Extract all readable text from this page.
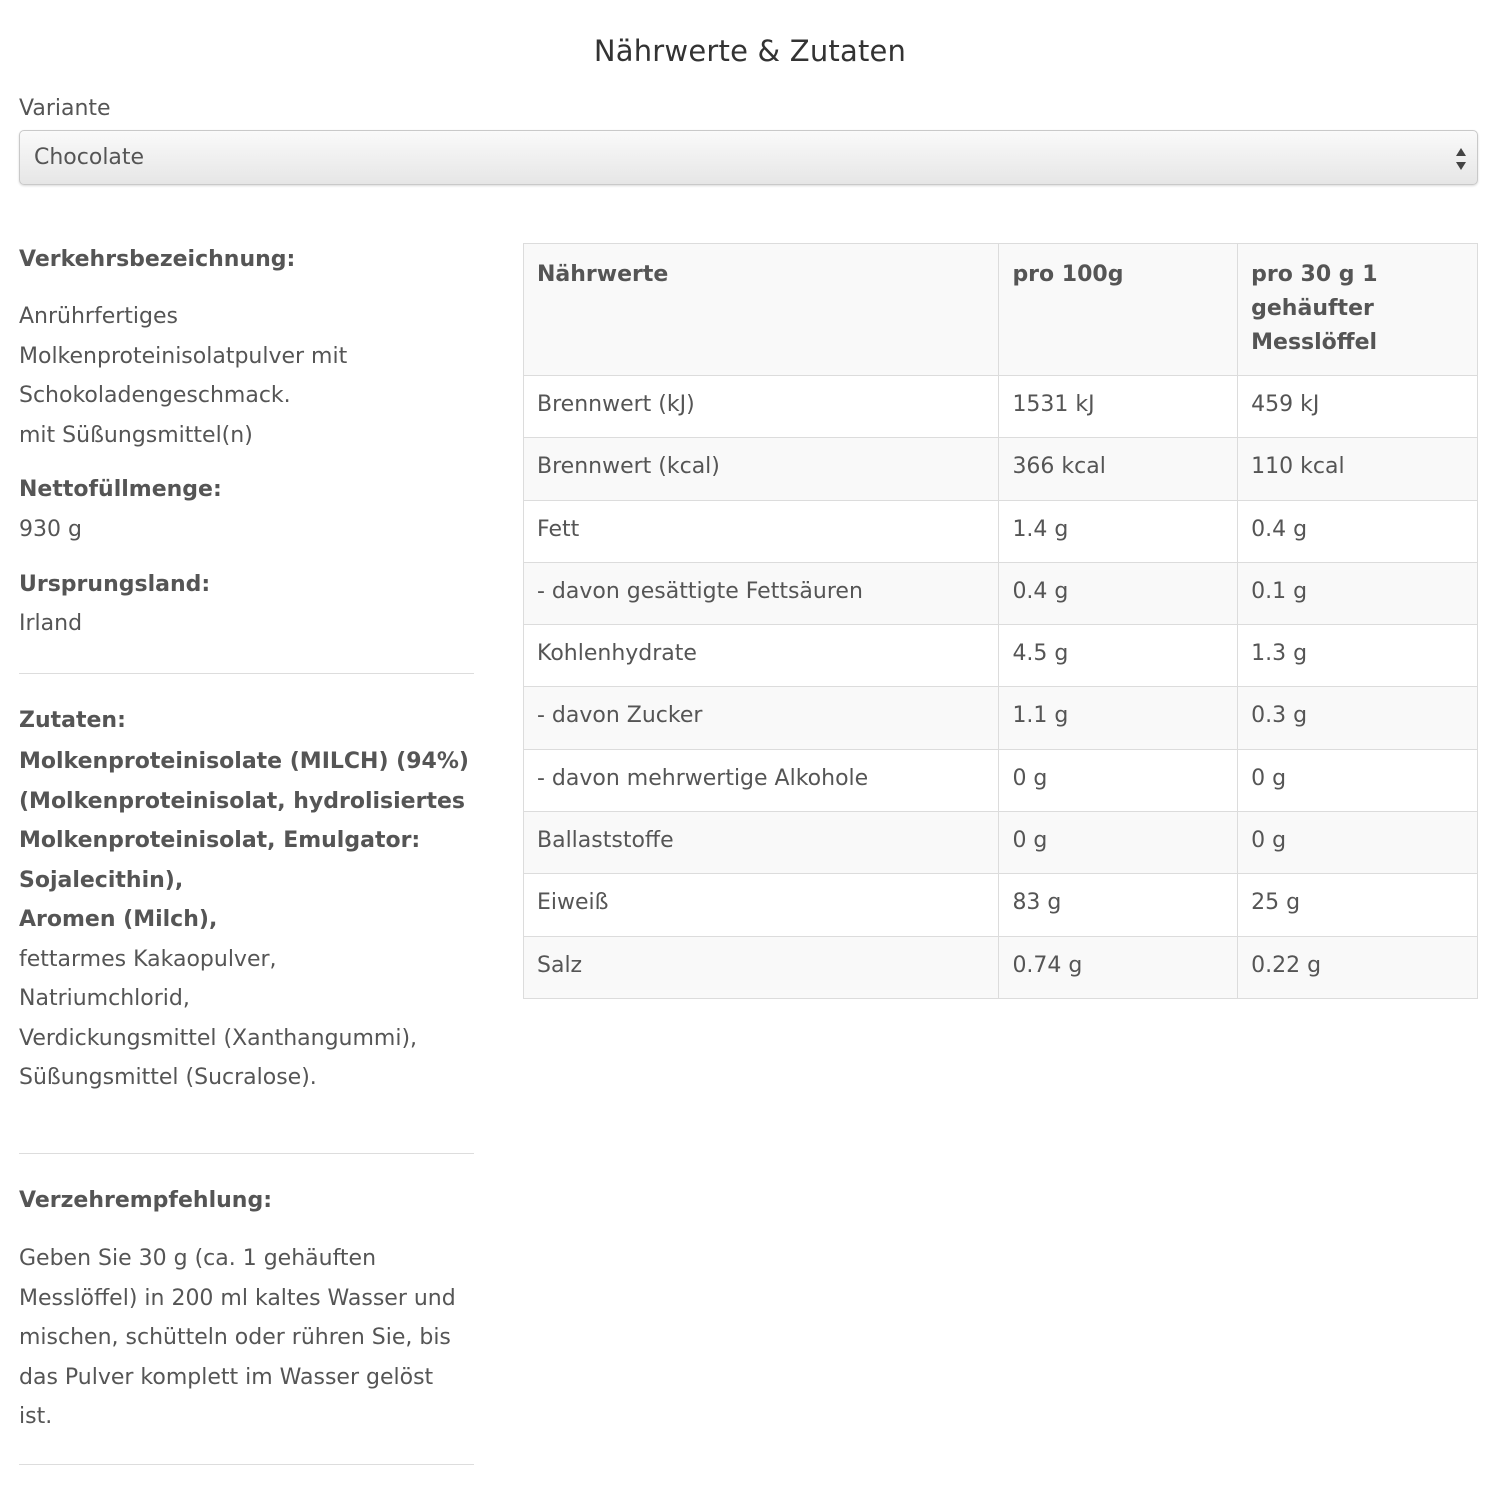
Nährwerte & Zutaten
Variante
Chocolate
Verkehrsbezeichnung:
Anrührfertiges
Molkenproteinisolatpulver mit
Schokoladengeschmack.
mit Süßungsmittel(n)
Nettofüllmenge:
930 g
Ursprungsland:
Irland
Zutaten:
Molkenproteinisolate (MILCH) (94%)
(Molkenproteinisolat, hydrolisiertes
Molkenproteinisolat, Emulgator:
Sojalecithin),
Aromen (Milch),
fettarmes Kakaopulver,
Natriumchlorid,
Verdickungsmittel (Xanthangummi),
Süßungsmittel (Sucralose).
Verzehrempfehlung:
Geben Sie 30 g (ca. 1 gehäuften
Messlöffel) in 200 ml kaltes Wasser und
mischen, schütteln oder rühren Sie, bis
das Pulver komplett im Wasser gelöst
ist.
Nährwerte	pro 100g	pro 30 g 1 gehäufter Messlöffel
Brennwert (kJ)	1531 kJ	459 kJ
Brennwert (kcal)	366 kcal	110 kcal
Fett	1.4 g	0.4 g
- davon gesättigte Fettsäuren	0.4 g	0.1 g
Kohlenhydrate	4.5 g	1.3 g
- davon Zucker	1.1 g	0.3 g
- davon mehrwertige Alkohole	0 g	0 g
Ballaststoffe	0 g	0 g
Eiweiß	83 g	25 g
Salz	0.74 g	0.22 g
